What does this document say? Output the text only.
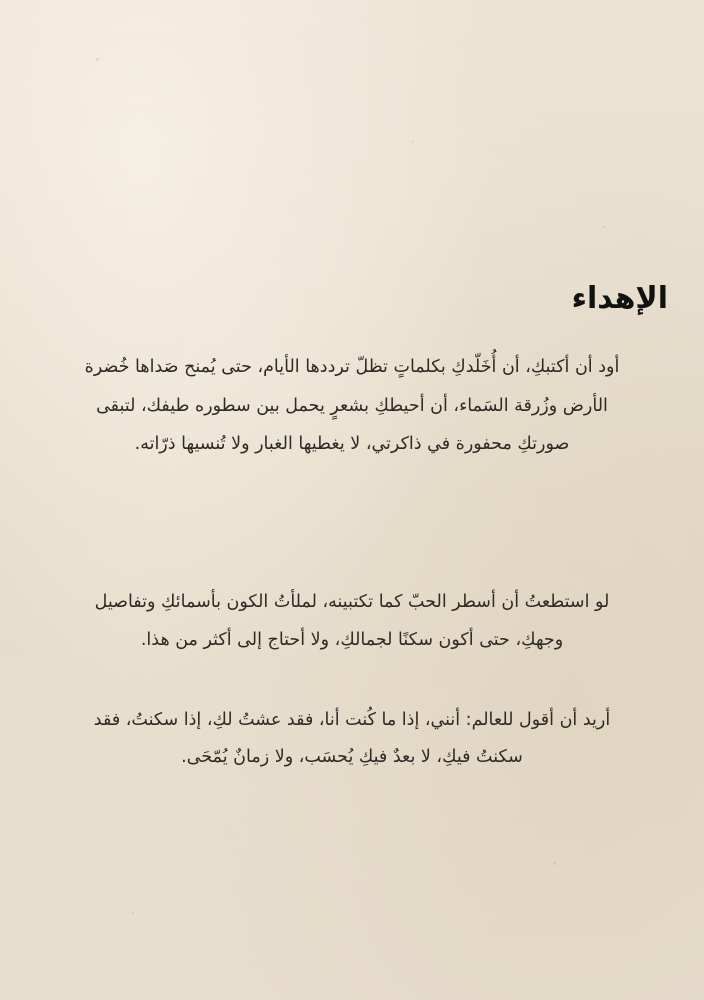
الإهداء

أود أن أكتبكِ، أن أُخَلّدكِ بكلماتٍ تظلّ ترددها الأيام، حتى يُمنح صَداها خُضرة الأرض وزُرقة السَماء، أن أحيطكِ بشعرٍ يحمل بين سطوره طيفك، لتبقى صورتكِ محفورة في ذاكرتي، لا يغطيها الغبار ولا تُنسيها ذرّاته.

لو استطعتُ أن أسطر الحبّ كما تكتبينه، لملأتُ الكون بأسمائكِ وتفاصيل وجهكِ، حتى أكون سكنًا لجمالكِ، ولا أحتاج إلى أكثر من هذا.

أريد أن أقول للعالم: أنني، إذا ما كُنت أنا، فقد عشتُ لكِ، إذا سكنتُ، فقد سكنتُ فيكِ، لا بعدٌ فيكِ يُحسَب، ولا زمانٌ يُمّحَى.
